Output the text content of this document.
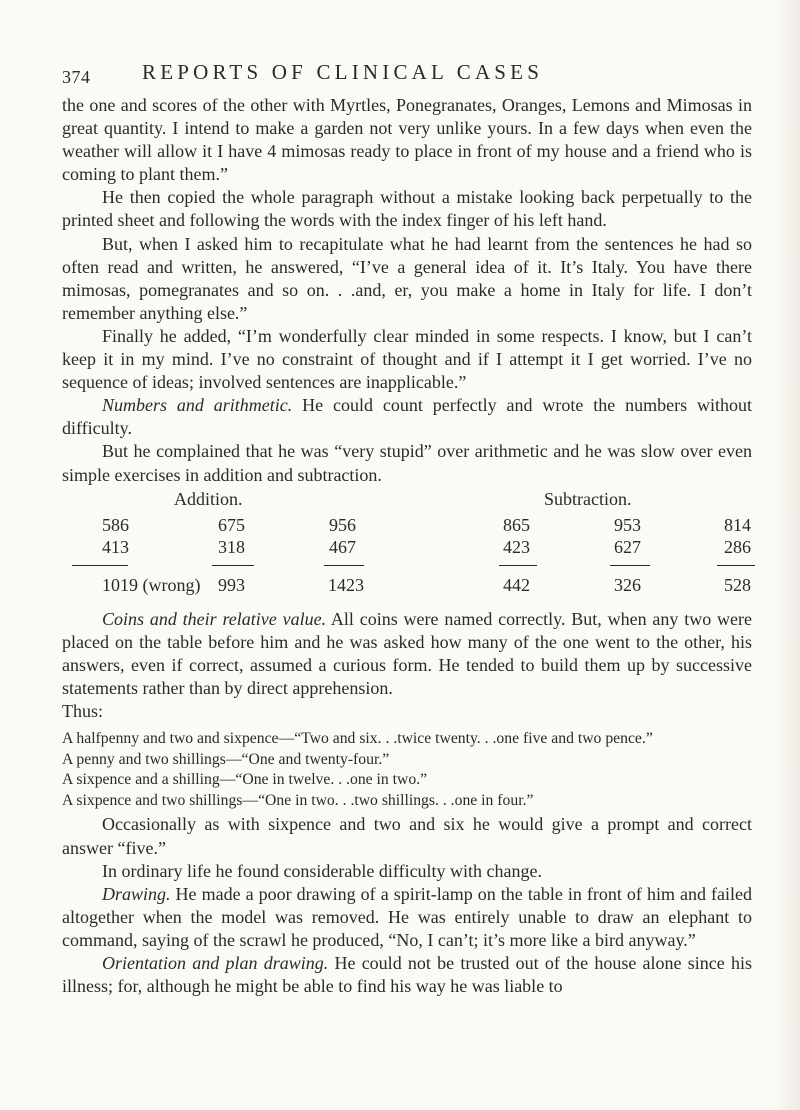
374 REPORTS OF CLINICAL CASES

the one and scores of the other with Myrtles, Ponegranates, Oranges, Lemons and Mimosas in great quantity. I intend to make a garden not very unlike yours. In a few days when even the weather will allow it I have 4 mimosas ready to place in front of my house and a friend who is coming to plant them.”

He then copied the whole paragraph without a mistake looking back perpetually to the printed sheet and following the words with the index finger of his left hand.

But, when I asked him to recapitulate what he had learnt from the sentences he had so often read and written, he answered, “I’ve a general idea of it. It’s Italy. You have there mimosas, pomegranates and so on. . .and, er, you make a home in Italy for life. I don’t remember anything else.”

Finally he added, “I’m wonderfully clear minded in some respects. I know, but I can’t keep it in my mind. I’ve no constraint of thought and if I attempt it I get worried. I’ve no sequence of ideas; involved sentences are inapplicable.”

Numbers and arithmetic. He could count perfectly and wrote the numbers without difficulty.

But he complained that he was “very stupid” over arithmetic and he was slow over even simple exercises in addition and subtraction.

Addition.	Subtraction.
586
413
1019 (wrong)
675
318
993
956
467
1423
865
423
442
953
627
326
814
286
528

Coins and their relative value. All coins were named correctly. But, when any two were placed on the table before him and he was asked how many of the one went to the other, his answers, even if correct, assumed a curious form. He tended to build them up by successive statements rather than by direct apprehension.

Thus:

A halfpenny and two and sixpence—“Two and six. . .twice twenty. . .one five and two pence.”

A penny and two shillings—“One and twenty-four.”

A sixpence and a shilling—“One in twelve. . .one in two.”

A sixpence and two shillings—“One in two. . .two shillings. . .one in four.”

Occasionally as with sixpence and two and six he would give a prompt and correct answer “five.”

In ordinary life he found considerable difficulty with change.

Drawing. He made a poor drawing of a spirit-lamp on the table in front of him and failed altogether when the model was removed. He was entirely unable to draw an elephant to command, saying of the scrawl he produced, “No, I can’t; it’s more like a bird anyway.”

Orientation and plan drawing. He could not be trusted out of the house alone since his illness; for, although he might be able to find his way he was liable to
